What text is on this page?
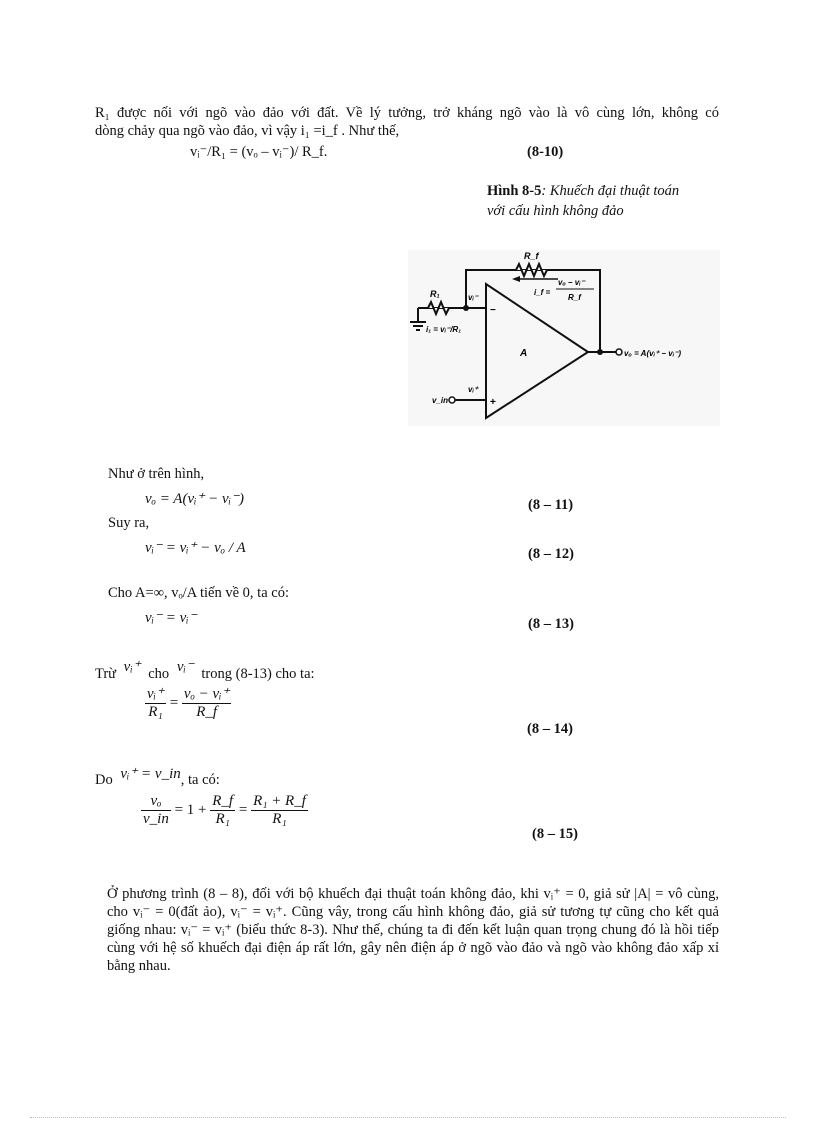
R₁ được nối với ngõ vào đảo với đất. Về lý tưởng, trở kháng ngõ vào là vô cùng lớn, không có
dòng chảy qua ngõ vào đảo, vì vậy i₁ =i_f . Như thế,
vᵢ⁻/R₁ = (vₒ – vᵢ⁻)/ R_f.	(8-10)
Hình 8-5: Khuếch đại thuật toán
với cấu hình không đảo
R_f
R₁	i_f =
vₒ – vᵢ⁻
R_f
i₁ = vᵢ⁻/R₁
vᵢ⁻
−
vᵢ⁺
+
A
v_in
vₒ = A(vᵢ⁺ − vᵢ⁻)
Như ở trên hình,
vₒ = A(vᵢ⁺ − vᵢ⁻)	(8 – 11)
Suy ra,
vᵢ⁻ = vᵢ⁺ − vₒ / A	(8 – 12)
Cho A=∞, vₒ/A tiến về 0, ta có:
vᵢ⁻ = vᵢ⁻	(8 – 13)
Trừ vᵢ⁺ cho vᵢ⁻ trong (8-13) cho ta:
$\frac{\text{vᵢ⁺}}{\text{R₁}} = \frac{\text{vₒ − vᵢ⁺}}{R\_f}$
(8 – 14)
Do vᵢ⁺ = v_in, ta có:
$\frac{\text{vₒ}}{v\_in} = 1 + \frac{R\_f}{\text{R₁}} = \frac{\text{R₁ + R\_f}}{\text{R₁}}$
(8 – 15)
Ở phương trình (8 – 8), đối với bộ khuếch đại thuật toán không đảo, khi vᵢ⁺ = 0, giả sử |A| = vô cùng, cho vᵢ⁻ = 0(đất ảo), vᵢ⁻ = vᵢ⁺. Cũng vây, trong cấu hình không đảo, giả sử tương tự cũng cho kết quả giống nhau: vᵢ⁻ = vᵢ⁺ (biểu thức 8-3). Như thế, chúng ta đi đến kết luận quan trọng chung đó là hồi tiếp cùng với hệ số khuếch đại điện áp rất lớn, gây nên điện áp ở ngõ vào đảo và ngõ vào không đảo xấp xỉ bằng nhau.
